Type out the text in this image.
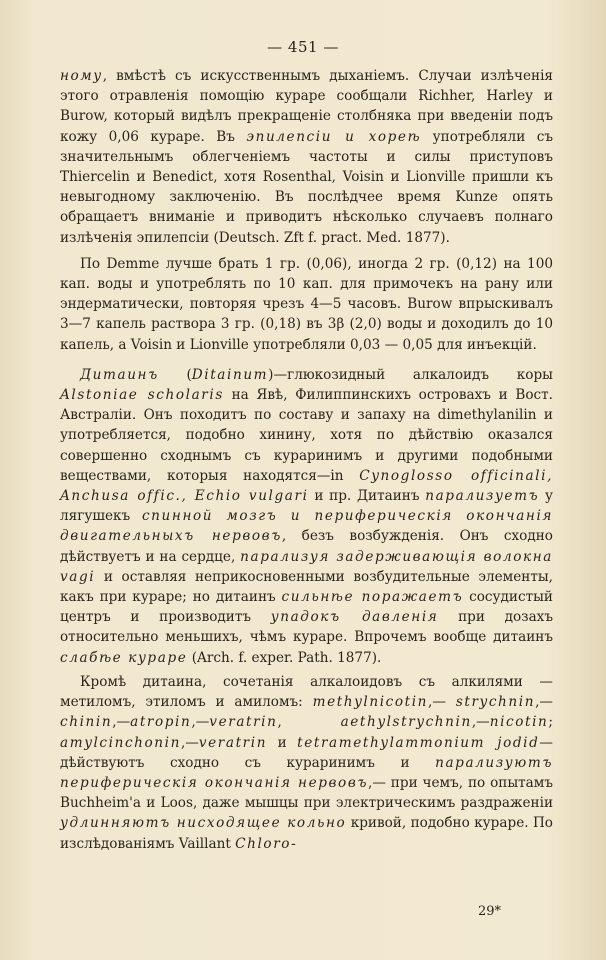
— 451 —

ному, вмѣстѣ съ искусственнымъ дыханіемъ. Случаи излѣченія этого отравленія помощію кураре сообщали Richher, Harley и Burow, который видѣлъ прекращеніе столбняка при введеніи подъ кожу 0,06 кураре. Въ эпилепсіи и хореѣ употребляли съ значительнымъ облегченіемъ частоты и силы приступовъ Thiercelin и Benedict, хотя Rosenthal, Voisin и Lionville пришли къ невыгодному заключенію. Въ послѣдчее время Kunze опять обращаетъ вниманіе и приводитъ нѣсколько случаевъ полнаго излѣченія эпилепсіи (Deutsch. Zft f. pract. Med. 1877).

По Demme лучше брать 1 гр. (0,06), иногда 2 гр. (0,12) на 100 кап. воды и употреблять по 10 кап. для примочекъ на рану или эндерматически, повторяя чрезъ 4—5 часовъ. Burow впрыскивалъ 3—7 капель раствора 3 гр. (0,18) въ 3β (2,0) воды и доходилъ до 10 капель, а Voisin и Lionville употребляли 0,03 — 0,05 для инъекцій.

Дитаинъ (Ditainum)—глюкозидный алкалоидъ коры Alstoniae scholaris на Явѣ, Филиппинскихъ островахъ и Вост. Австраліи. Онъ походитъ по составу и запаху на dimethylanilin и употребляется, подобно хинину, хотя по дѣйствію оказался совершенно сходнымъ съ кураринимъ и другими подобными веществами, которыя находятся—in Cynoglosso officinali, Anchusa offic., Echio vulgari и пр. Дитаинъ парализуетъ у лягушекъ спинной мозгъ и периферическія окончанія двигательныхъ нервовъ, безъ возбужденія. Онъ сходно дѣйствуетъ и на сердце, парализуя задерживающія волокна vagi и оставляя неприкосновенными возбудительные элементы, какъ при кураре; но дитаинъ сильнѣе поражаетъ сосудистый центръ и производитъ упадокъ давленія при дозахъ относительно меньшихъ, чѣмъ кураре. Впрочемъ вообще дитаинъ слабѣе кураре (Arch. f. exper. Path. 1877).

Кромѣ дитаина, сочетанія алкалоидовъ съ алкилями — метиломъ, этиломъ и амиломъ: methylnicotin,— strychnin,—chinin,—atropin,—veratrin, aethylstrychnin,—nicotin; amylcinchonin,—veratrin и tetramethylammonium jodid—дѣйствуютъ сходно съ кураринимъ и парализуютъ периферическія окончанія нервовъ,— при чемъ, по опытамъ Buchheim'a и Loos, даже мышцы при электрическимъ раздраженіи удлинняютъ нисходящее кольно кривой, подобно кураре. По изслѣдованіямъ Vaillant Chloro-

29*
